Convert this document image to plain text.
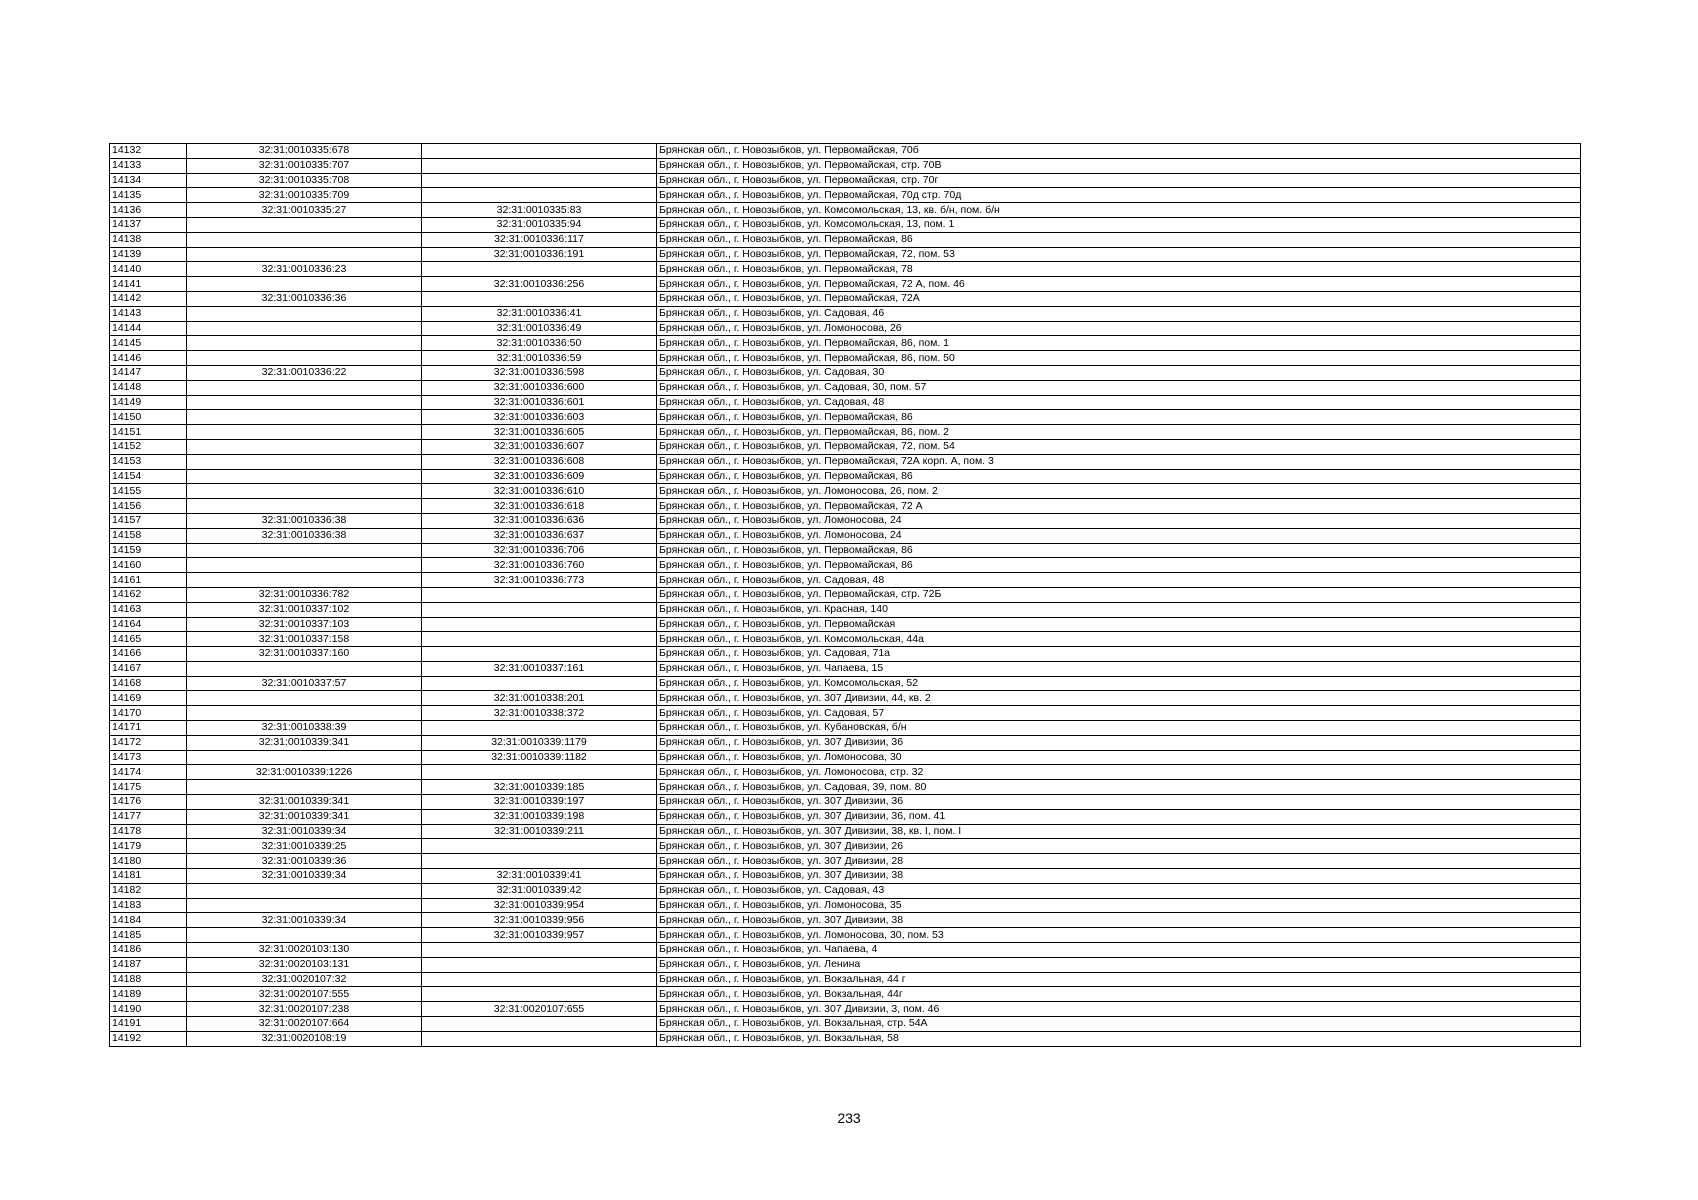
14132	32:31:0010335:678		Брянская обл., г. Новозыбков, ул. Первомайская, 70б
14133	32:31:0010335:707		Брянская обл., г. Новозыбков, ул. Первомайская, стр. 70В
14134	32:31:0010335:708		Брянская обл., г. Новозыбков, ул. Первомайская, стр. 70г
14135	32:31:0010335:709		Брянская обл., г. Новозыбков, ул. Первомайская, 70д стр. 70д
14136	32:31:0010335:27	32:31:0010335:83	Брянская обл., г. Новозыбков, ул. Комсомольская, 13, кв. б/н, пом. б/н
14137		32:31:0010335:94	Брянская обл., г. Новозыбков, ул. Комсомольская, 13, пом. 1
14138		32:31:0010336:117	Брянская обл., г. Новозыбков, ул. Первомайская, 86
14139		32:31:0010336:191	Брянская обл., г. Новозыбков, ул. Первомайская, 72, пом. 53
14140	32:31:0010336:23		Брянская обл., г. Новозыбков, ул. Первомайская, 78
14141		32:31:0010336:256	Брянская обл., г. Новозыбков, ул. Первомайская, 72 А, пом. 46
14142	32:31:0010336:36		Брянская обл., г. Новозыбков, ул. Первомайская, 72А
14143		32:31:0010336:41	Брянская обл., г. Новозыбков, ул. Садовая, 46
14144		32:31:0010336:49	Брянская обл., г. Новозыбков, ул. Ломоносова, 26
14145		32:31:0010336:50	Брянская обл., г. Новозыбков, ул. Первомайская, 86, пом. 1
14146		32:31:0010336:59	Брянская обл., г. Новозыбков, ул. Первомайская, 86, пом. 50
14147	32:31:0010336:22	32:31:0010336:598	Брянская обл., г. Новозыбков, ул. Садовая, 30
14148		32:31:0010336:600	Брянская обл., г. Новозыбков, ул. Садовая, 30, пом. 57
14149		32:31:0010336:601	Брянская обл., г. Новозыбков, ул. Садовая, 48
14150		32:31:0010336:603	Брянская обл., г. Новозыбков, ул. Первомайская, 86
14151		32:31:0010336:605	Брянская обл., г. Новозыбков, ул. Первомайская, 86, пом. 2
14152		32:31:0010336:607	Брянская обл., г. Новозыбков, ул. Первомайская, 72, пом. 54
14153		32:31:0010336:608	Брянская обл., г. Новозыбков, ул. Первомайская, 72А корп. А, пом. 3
14154		32:31:0010336:609	Брянская обл., г. Новозыбков, ул. Первомайская, 86
14155		32:31:0010336:610	Брянская обл., г. Новозыбков, ул. Ломоносова, 26, пом. 2
14156		32:31:0010336:618	Брянская обл., г. Новозыбков, ул. Первомайская, 72 А
14157	32:31:0010336:38	32:31:0010336:636	Брянская обл., г. Новозыбков, ул. Ломоносова, 24
14158	32:31:0010336:38	32:31:0010336:637	Брянская обл., г. Новозыбков, ул. Ломоносова, 24
14159		32:31:0010336:706	Брянская обл., г. Новозыбков, ул. Первомайская, 86
14160		32:31:0010336:760	Брянская обл., г. Новозыбков, ул. Первомайская, 86
14161		32:31:0010336:773	Брянская обл., г. Новозыбков, ул. Садовая, 48
14162	32:31:0010336:782		Брянская обл., г. Новозыбков, ул. Первомайская, стр. 72Б
14163	32:31:0010337:102		Брянская обл., г. Новозыбков, ул. Красная, 140
14164	32:31:0010337:103		Брянская обл., г. Новозыбков, ул. Первомайская
14165	32:31:0010337:158		Брянская обл., г. Новозыбков, ул. Комсомольская, 44а
14166	32:31:0010337:160		Брянская обл., г. Новозыбков, ул. Садовая, 71а
14167		32:31:0010337:161	Брянская обл., г. Новозыбков, ул. Чапаева, 15
14168	32:31:0010337:57		Брянская обл., г. Новозыбков, ул. Комсомольская, 52
14169		32:31:0010338:201	Брянская обл., г. Новозыбков, ул. 307 Дивизии, 44, кв. 2
14170		32:31:0010338:372	Брянская обл., г. Новозыбков, ул. Садовая, 57
14171	32:31:0010338:39		Брянская обл., г. Новозыбков, ул. Кубановская, б/н
14172	32:31:0010339:341	32:31:0010339:1179	Брянская обл., г. Новозыбков, ул. 307 Дивизии, 36
14173		32:31:0010339:1182	Брянская обл., г. Новозыбков, ул. Ломоносова, 30
14174	32:31:0010339:1226		Брянская обл., г. Новозыбков, ул. Ломоносова, стр. 32
14175		32:31:0010339:185	Брянская обл., г. Новозыбков, ул. Садовая, 39, пом. 80
14176	32:31:0010339:341	32:31:0010339:197	Брянская обл., г. Новозыбков, ул. 307 Дивизии, 36
14177	32:31:0010339:341	32:31:0010339:198	Брянская обл., г. Новозыбков, ул. 307 Дивизии, 36, пом. 41
14178	32:31:0010339:34	32:31:0010339:211	Брянская обл., г. Новозыбков, ул. 307 Дивизии, 38, кв. I, пом. I
14179	32:31:0010339:25		Брянская обл., г. Новозыбков, ул. 307 Дивизии, 26
14180	32:31:0010339:36		Брянская обл., г. Новозыбков, ул. 307 Дивизии, 28
14181	32:31:0010339:34	32:31:0010339:41	Брянская обл., г. Новозыбков, ул. 307 Дивизии, 38
14182		32:31:0010339:42	Брянская обл., г. Новозыбков, ул. Садовая, 43
14183		32:31:0010339:954	Брянская обл., г. Новозыбков, ул. Ломоносова, 35
14184	32:31:0010339:34	32:31:0010339:956	Брянская обл., г. Новозыбков, ул. 307 Дивизии, 38
14185		32:31:0010339:957	Брянская обл., г. Новозыбков, ул. Ломоносова, 30, пом. 53
14186	32:31:0020103:130		Брянская обл., г. Новозыбков, ул. Чапаева, 4
14187	32:31:0020103:131		Брянская обл., г. Новозыбков, ул. Ленина
14188	32:31:0020107:32		Брянская обл., г. Новозыбков, ул. Вокзальная, 44 г
14189	32:31:0020107:555		Брянская обл., г. Новозыбков, ул. Вокзальная, 44г
14190	32:31:0020107:238	32:31:0020107:655	Брянская обл., г. Новозыбков, ул. 307 Дивизии, 3, пом. 46
14191	32:31:0020107:664		Брянская обл., г. Новозыбков, ул. Вокзальная, стр. 54А
14192	32:31:0020108:19		Брянская обл., г. Новозыбков, ул. Вокзальная, 58
233
